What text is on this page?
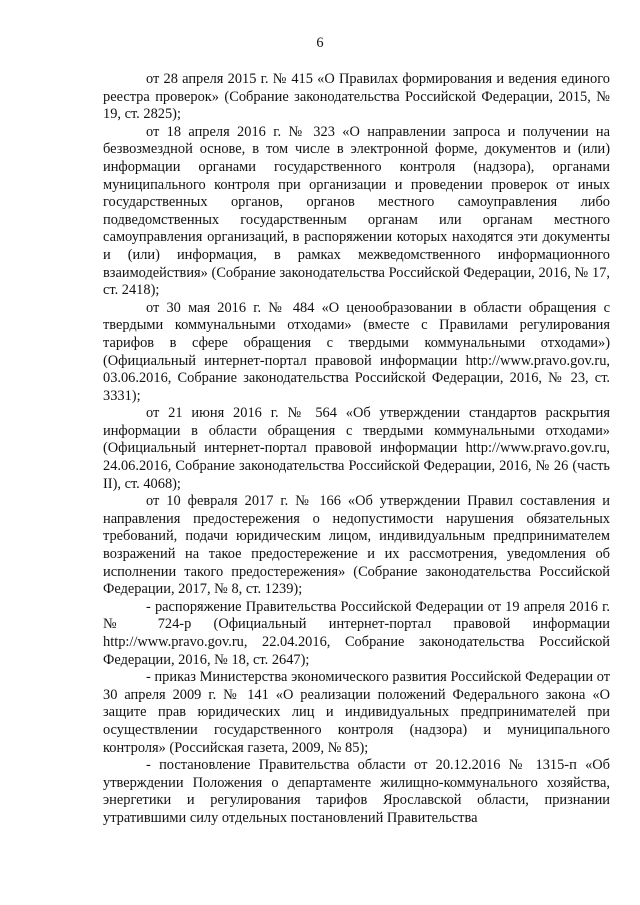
6

от 28 апреля 2015 г. № 415 «О Правилах формирования и ведения единого реестра проверок» (Собрание законодательства Российской Федерации, 2015, № 19, ст. 2825);

от 18 апреля 2016 г. № 323 «О направлении запроса и получении на безвозмездной основе, в том числе в электронной форме, документов и (или) информации органами государственного контроля (надзора), органами муниципального контроля при организации и проведении проверок от иных государственных органов, органов местного самоуправления либо подведомственных государственным органам или органам местного самоуправления организаций, в распоряжении которых находятся эти документы и (или) информация, в рамках межведомственного информационного взаимодействия» (Собрание законодательства Российской Федерации, 2016, № 17, ст. 2418);

от 30 мая 2016 г. № 484 «О ценообразовании в области обращения с твердыми коммунальными отходами» (вместе с Правилами регулирования тарифов в сфере обращения с твердыми коммунальными отходами») (Официальный интернет-портал правовой информации http://www.pravo.gov.ru, 03.06.2016, Собрание законодательства Российской Федерации, 2016, № 23, ст. 3331);

от 21 июня 2016 г. № 564 «Об утверждении стандартов раскрытия информации в области обращения с твердыми коммунальными отходами» (Официальный интернет-портал правовой информации http://www.pravo.gov.ru, 24.06.2016, Собрание законодательства Российской Федерации, 2016, № 26 (часть II), ст. 4068);

от 10 февраля 2017 г. № 166 «Об утверждении Правил составления и направления предостережения о недопустимости нарушения обязательных требований, подачи юридическим лицом, индивидуальным предпринимателем возражений на такое предостережение и их рассмотрения, уведомления об исполнении такого предостережения» (Собрание законодательства Российской Федерации, 2017, № 8, ст. 1239);

- распоряжение Правительства Российской Федерации от 19 апреля 2016 г. № 724-р (Официальный интернет-портал правовой информации http://www.pravo.gov.ru, 22.04.2016, Собрание законодательства Российской Федерации, 2016, № 18, ст. 2647);

- приказ Министерства экономического развития Российской Федерации от 30 апреля 2009 г. № 141 «О реализации положений Федерального закона «О защите прав юридических лиц и индивидуальных предпринимателей при осуществлении государственного контроля (надзора) и муниципального контроля» (Российская газета, 2009, № 85);

- постановление Правительства области от 20.12.2016 № 1315-п «Об утверждении Положения о департаменте жилищно-коммунального хозяйства, энергетики и регулирования тарифов Ярославской области, признании утратившими силу отдельных постановлений Правительства
